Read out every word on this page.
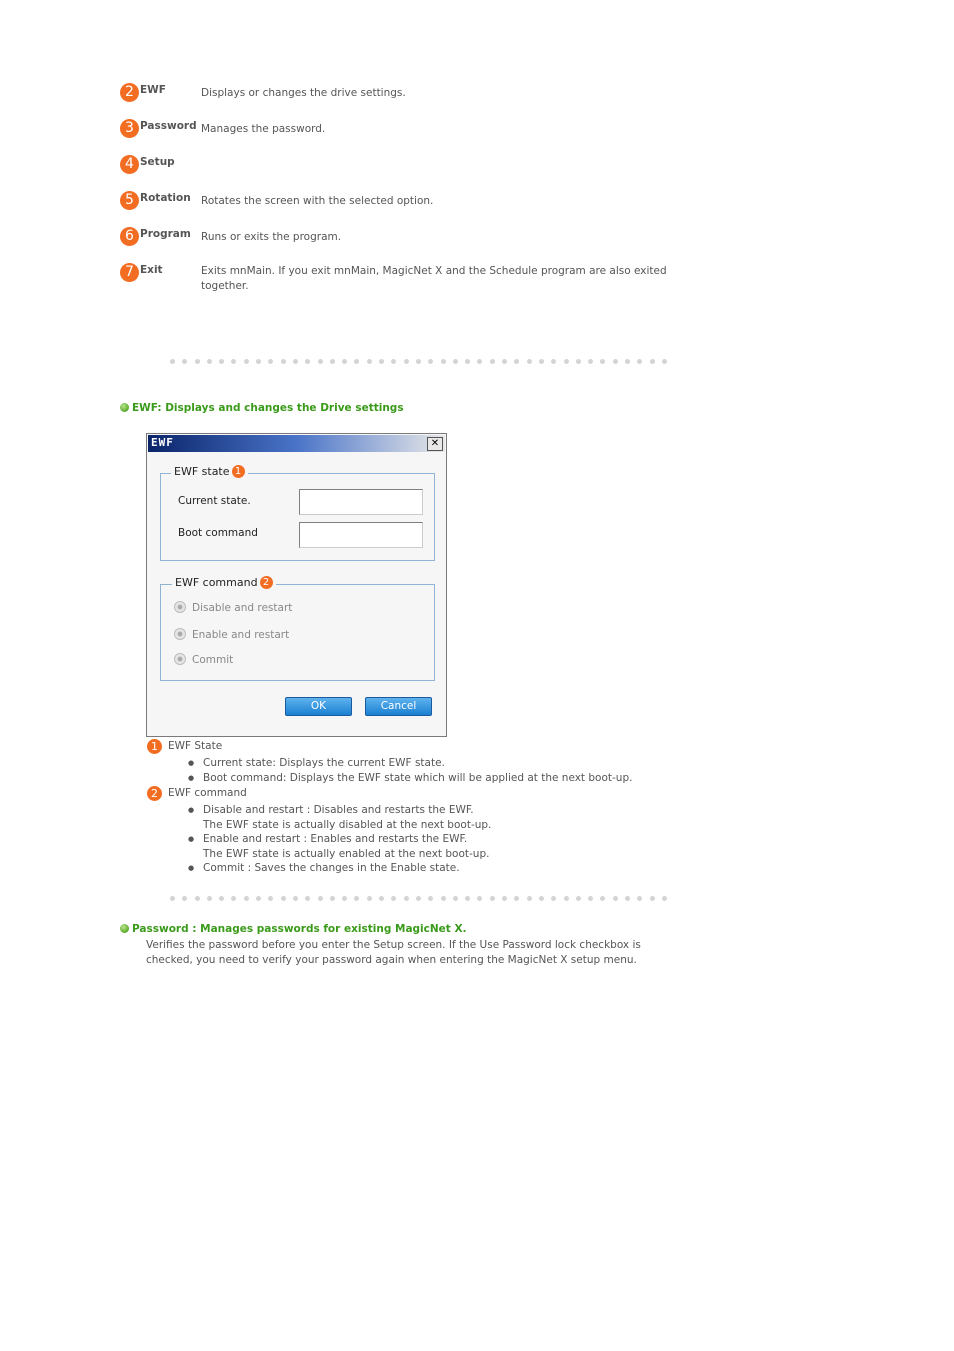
2 EWF	Displays or changes the drive settings.
3 Password Manages the password.
4 Setup
5 Rotation Rotates the screen with the selected option.
6 Program Runs or exits the program.
7 Exit	Exits mnMain. If you exit mnMain, MagicNet X and the Schedule program are also exited together.
EWF: Displays and changes the Drive settings
EWF	✕
EWF state 1
Current state.
Boot command
EWF command 2
Disable and restart
Enable and restart
Commit
OK	Cancel
1 EWF State
● Current state: Displays the current EWF state.
● Boot command: Displays the EWF state which will be applied at the next boot-up.
2 EWF command
● Disable and restart : Disables and restarts the EWF.
The EWF state is actually disabled at the next boot-up.
● Enable and restart : Enables and restarts the EWF.
The EWF state is actually enabled at the next boot-up.
● Commit : Saves the changes in the Enable state.
Password : Manages passwords for existing MagicNet X.
Verifies the password before you enter the Setup screen. If the Use Password lock checkbox is checked, you need to verify your password again when entering the MagicNet X setup menu.
